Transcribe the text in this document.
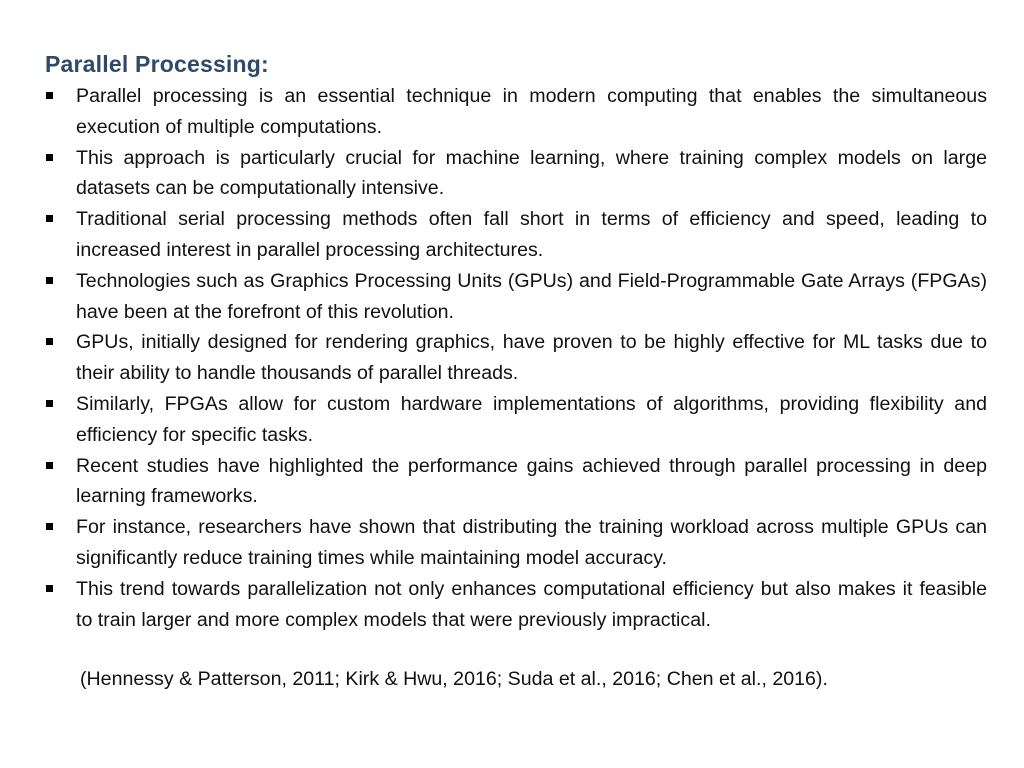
Parallel Processing:
Parallel processing is an essential technique in modern computing that enables the simultaneous execution of multiple computations.
This approach is particularly crucial for machine learning, where training complex models on large datasets can be computationally intensive.
Traditional serial processing methods often fall short in terms of efficiency and speed, leading to increased interest in parallel processing architectures.
Technologies such as Graphics Processing Units (GPUs) and Field-Programmable Gate Arrays (FPGAs) have been at the forefront of this revolution.
GPUs, initially designed for rendering graphics, have proven to be highly effective for ML tasks due to their ability to handle thousands of parallel threads.
Similarly, FPGAs allow for custom hardware implementations of algorithms, providing flexibility and efficiency for specific tasks.
Recent studies have highlighted the performance gains achieved through parallel processing in deep learning frameworks.
For instance, researchers have shown that distributing the training workload across multiple GPUs can significantly reduce training times while maintaining model accuracy.
This trend towards parallelization not only enhances computational efficiency but also makes it feasible to train larger and more complex models that were previously impractical.

(Hennessy & Patterson, 2011; Kirk & Hwu, 2016; Suda et al., 2016; Chen et al., 2016).
